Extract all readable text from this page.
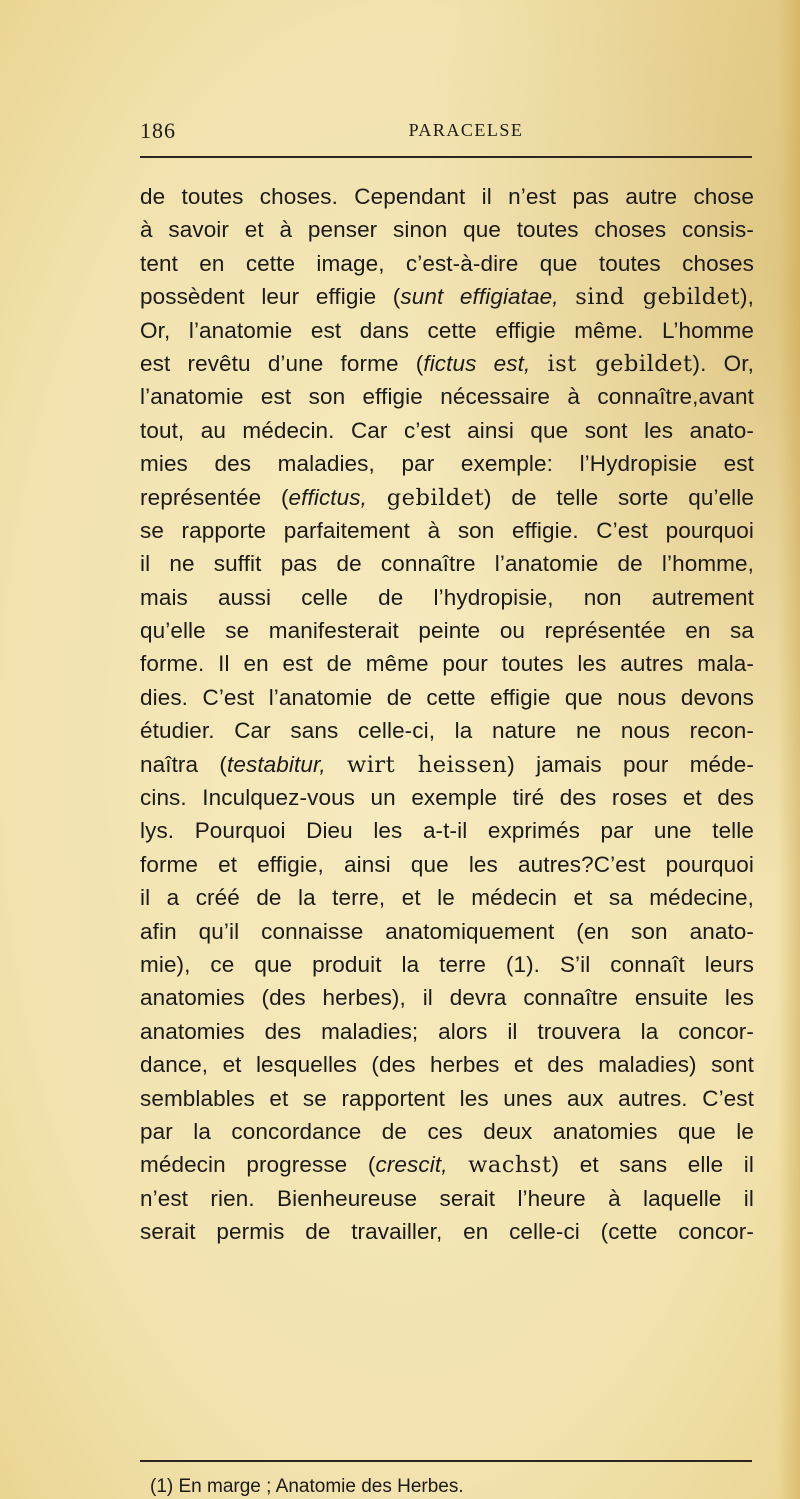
186	PARACELSE
de toutes choses. Cependant il n’est pas autre chose
à savoir et à penser sinon que toutes choses consis-
tent en cette image, c’est-à-dire que toutes choses
possèdent leur effigie (sunt effigiatae, sind gebildet),
Or, l’anatomie est dans cette effigie même. L’homme
est revêtu d’une forme (fictus est, ist gebildet). Or,
l’anatomie est son effigie nécessaire à connaître,avant
tout, au médecin. Car c’est ainsi que sont les anato-
mies des maladies, par exemple: l’Hydropisie est
représentée (effictus, gebildet) de telle sorte qu’elle
se rapporte parfaitement à son effigie. C’est pourquoi
il ne suffit pas de connaître l’anatomie de l’homme,
mais aussi celle de l’hydropisie, non autrement
qu’elle se manifesterait peinte ou représentée en sa
forme. Il en est de même pour toutes les autres mala-
dies. C’est l’anatomie de cette effigie que nous devons
étudier. Car sans celle-ci, la nature ne nous recon-
naîtra (testabitur, wirt heissen) jamais pour méde-
cins. Inculquez-vous un exemple tiré des roses et des
lys. Pourquoi Dieu les a-t-il exprimés par une telle
forme et effigie, ainsi que les autres?C’est pourquoi
il a créé de la terre, et le médecin et sa médecine,
afin qu’il connaisse anatomiquement (en son anato-
mie), ce que produit la terre (1). S’il connaît leurs
anatomies (des herbes), il devra connaître ensuite les
anatomies des maladies; alors il trouvera la concor-
dance, et lesquelles (des herbes et des maladies) sont
semblables et se rapportent les unes aux autres. C’est
par la concordance de ces deux anatomies que le
médecin progresse (crescit, wachst) et sans elle il
n’est rien. Bienheureuse serait l’heure à laquelle il
serait permis de travailler, en celle-ci (cette concor-
(1) En marge ; Anatomie des Herbes.
